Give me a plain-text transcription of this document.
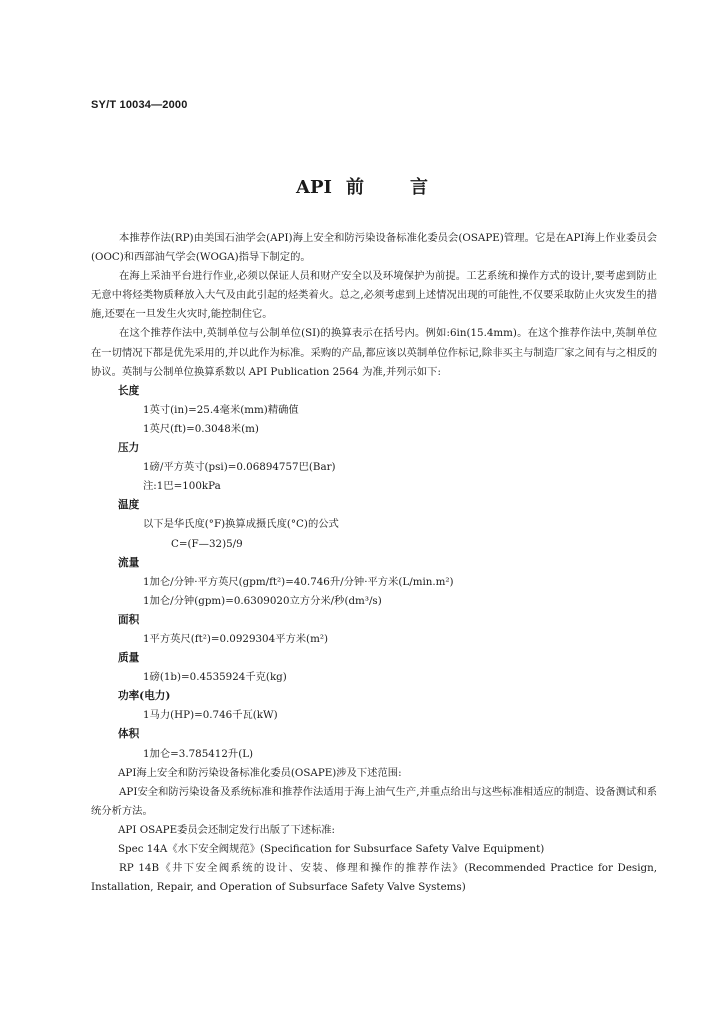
SY/T 10034—2000
API 前	言

本推荐作法(RP)由美国石油学会(API)海上安全和防污染设备标准化委员会(OSAPE)管理。它是在API海上作业委员会(OOC)和西部油气学会(WOGA)指导下制定的。

在海上采油平台进行作业,必须以保证人员和财产安全以及环境保护为前提。工艺系统和操作方式的设计,要考虑到防止无意中将烃类物质释放入大气及由此引起的烃类着火。总之,必须考虑到上述情况出现的可能性,不仅要采取防止火灾发生的措施,还要在一旦发生火灾时,能控制住它。

在这个推荐作法中,英制单位与公制单位(SI)的换算表示在括号内。例如:6in(15.4mm)。在这个推荐作法中,英制单位在一切情况下都是优先采用的,并以此作为标准。采购的产品,都应该以英制单位作标记,除非买主与制造厂家之间有与之相反的协议。英制与公制单位换算系数以 API Publication 2564 为准,并列示如下:

长度

1英寸(in)=25.4毫米(mm)精确值

1英尺(ft)=0.3048米(m)

压力

1磅/平方英寸(psi)=0.06894757巴(Bar)

注:1巴=100kPa

温度

以下是华氏度(°F)换算成摄氏度(°C)的公式

C=(F—32)5/9

流量

1加仑/分钟·平方英尺(gpm/ft²)=40.746升/分钟·平方米(L/min.m²)

1加仑/分钟(gpm)=0.6309020立方分米/秒(dm³/s)

面积

1平方英尺(ft²)=0.0929304平方米(m²)

质量

1磅(1b)=0.4535924千克(kg)

功率(电力)

1马力(HP)=0.746千瓦(kW)

体积

1加仑=3.785412升(L)

API海上安全和防污染设备标准化委员(OSAPE)涉及下述范围:

API安全和防污染设备及系统标准和推荐作法适用于海上油气生产,并重点给出与这些标准相适应的制造、设备测试和系统分析方法。

API OSAPE委员会还制定发行出版了下述标准:

Spec 14A《水下安全阀规范》(Specification for Subsurface Safety Valve Equipment)

RP 14B《井下安全阀系统的设计、安装、修理和操作的推荐作法》(Recommended Practice for Design, Installation, Repair, and Operation of Subsurface Safety Valve Systems)
